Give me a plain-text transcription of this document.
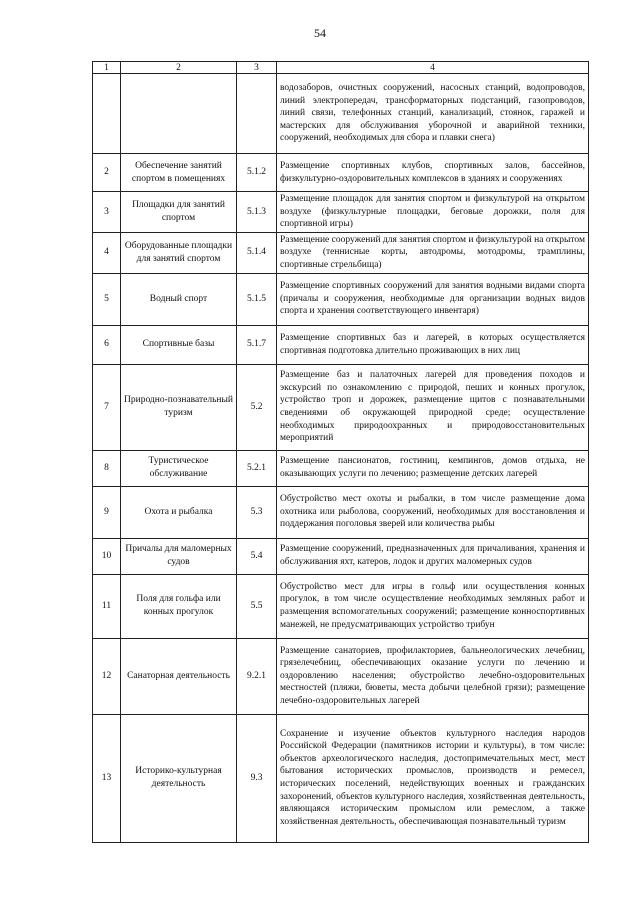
54
1	2	3	4
			водозаборов, очистных сооружений, насосных станций, водопроводов, линий электропередач, трансформаторных подстанций, газопроводов, линий связи, телефонных станций, канализаций, стоянок, гаражей и мастерских для обслуживания уборочной и аварийной техники, сооружений, необходимых для сбора и плавки снега)
2	Обеспечение занятий спортом в помещениях	5.1.2	Размещение спортивных клубов, спортивных залов, бассейнов, физкультурно-оздоровительных комплексов в зданиях и сооружениях
3	Площадки для занятий спортом	5.1.3	Размещение площадок для занятия спортом и физкультурой на открытом воздухе (физкультурные площадки, беговые дорожки, поля для спортивной игры)
4	Оборудованные площадки для занятий спортом	5.1.4	Размещение сооружений для занятия спортом и физкультурой на открытом воздухе (теннисные корты, автодромы, мотодромы, трамплины, спортивные стрельбища)
5	Водный спорт	5.1.5	Размещение спортивных сооружений для занятия водными видами спорта (причалы и сооружения, необходимые для организации водных видов спорта и хранения соответствующего инвентаря)
6	Спортивные базы	5.1.7	Размещение спортивных баз и лагерей, в которых осуществляется спортивная подготовка длительно проживающих в них лиц
7	Природно-познавательный туризм	5.2	Размещение баз и палаточных лагерей для проведения походов и экскурсий по ознакомлению с природой, пеших и конных прогулок, устройство троп и дорожек, размещение щитов с познавательными сведениями об окружающей природной среде; осуществление необходимых природоохранных и природовосстановительных мероприятий
8	Туристическое обслуживание	5.2.1	Размещение пансионатов, гостиниц, кемпингов, домов отдыха, не оказывающих услуги по лечению; размещение детских лагерей
9	Охота и рыбалка	5.3	Обустройство мест охоты и рыбалки, в том числе размещение дома охотника или рыболова, сооружений, необходимых для восстановления и поддержания поголовья зверей или количества рыбы
10	Причалы для маломерных судов	5.4	Размещение сооружений, предназначенных для причаливания, хранения и обслуживания яхт, катеров, лодок и других маломерных судов
11	Поля для гольфа или конных прогулок	5.5	Обустройство мест для игры в гольф или осуществления конных прогулок, в том числе осуществление необходимых земляных работ и размещения вспомогательных сооружений; размещение конноспортивных манежей, не предусматривающих устройство трибун
12	Санаторная деятельность	9.2.1	Размещение санаториев, профилакториев, бальнеологических лечебниц, грязелечебниц, обеспечивающих оказание услуги по лечению и оздоровлению населения; обустройство лечебно-оздоровительных местностей (пляжи, бюветы, места добычи целебной грязи); размещение лечебно-оздоровительных лагерей
13	Историко-культурная деятельность	9.3	Сохранение и изучение объектов культурного наследия народов Российской Федерации (памятников истории и культуры), в том числе: объектов археологического наследия, достопримечательных мест, мест бытования исторических промыслов, производств и ремесел, исторических поселений, недействующих военных и гражданских захоронений, объектов культурного наследия, хозяйственная деятельность, являющаяся историческим промыслом или ремеслом, а также хозяйственная деятельность, обеспечивающая познавательный туризм
